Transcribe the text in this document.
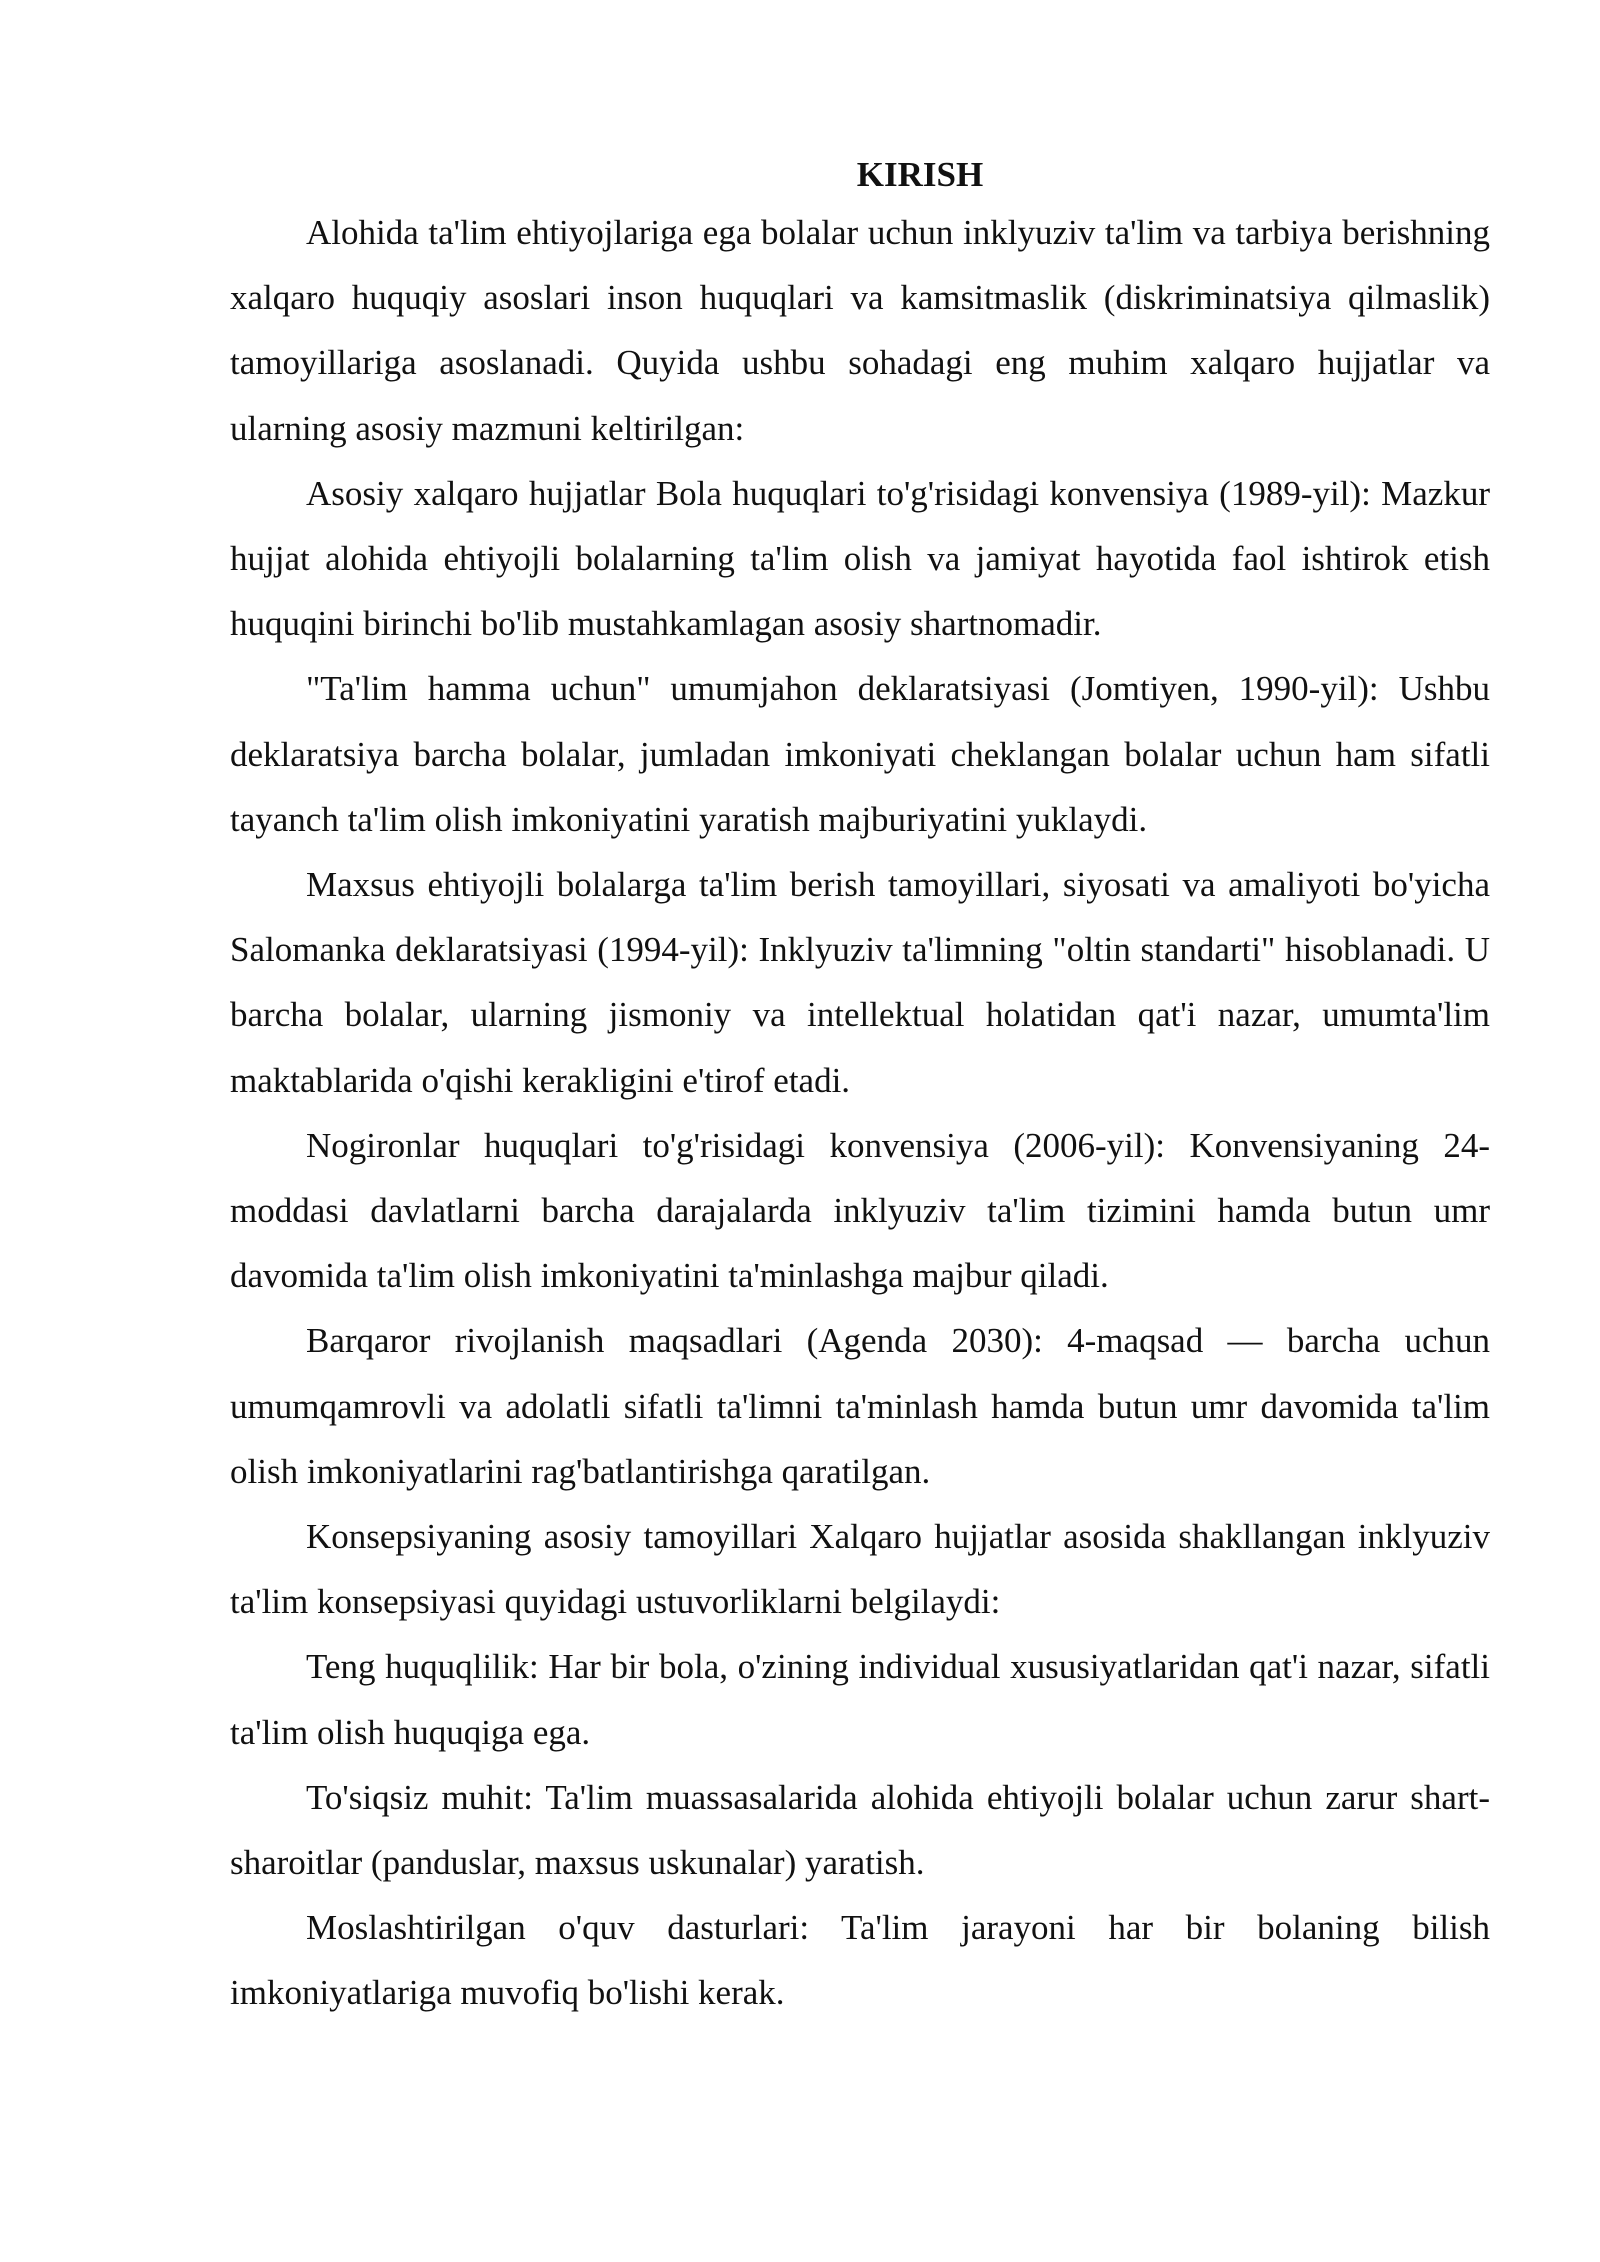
KIRISH

Alohida ta'lim ehtiyojlariga ega bolalar uchun inklyuziv ta'lim va tarbiya berishning xalqaro huquqiy asoslari inson huquqlari va kamsitmaslik (diskriminatsiya qilmaslik) tamoyillariga asoslanadi. Quyida ushbu sohadagi eng muhim xalqaro hujjatlar va ularning asosiy mazmuni keltirilgan:

Asosiy xalqaro hujjatlar Bola huquqlari to'g'risidagi konvensiya (1989-yil): Mazkur hujjat alohida ehtiyojli bolalarning ta'lim olish va jamiyat hayotida faol ishtirok etish huquqini birinchi bo'lib mustahkamlagan asosiy shartnomadir.

"Ta'lim hamma uchun" umumjahon deklaratsiyasi (Jomtiyen, 1990-yil): Ushbu deklaratsiya barcha bolalar, jumladan imkoniyati cheklangan bolalar uchun ham sifatli tayanch ta'lim olish imkoniyatini yaratish majburiyatini yuklaydi.

Maxsus ehtiyojli bolalarga ta'lim berish tamoyillari, siyosati va amaliyoti bo'yicha Salomanka deklaratsiyasi (1994-yil): Inklyuziv ta'limning "oltin standarti" hisoblanadi. U barcha bolalar, ularning jismoniy va intellektual holatidan qat'i nazar, umumta'lim maktablarida o'qishi kerakligini e'tirof etadi.

Nogironlar huquqlari to'g'risidagi konvensiya (2006-yil): Konvensiyaning 24-moddasi davlatlarni barcha darajalarda inklyuziv ta'lim tizimini hamda butun umr davomida ta'lim olish imkoniyatini ta'minlashga majbur qiladi.

Barqaror rivojlanish maqsadlari (Agenda 2030): 4-maqsad — barcha uchun umumqamrovli va adolatli sifatli ta'limni ta'minlash hamda butun umr davomida ta'lim olish imkoniyatlarini rag'batlantirishga qaratilgan.

Konsepsiyaning asosiy tamoyillari Xalqaro hujjatlar asosida shakllangan inklyuziv ta'lim konsepsiyasi quyidagi ustuvorliklarni belgilaydi:

Teng huquqlilik: Har bir bola, o'zining individual xususiyatlaridan qat'i nazar, sifatli ta'lim olish huquqiga ega.

To'siqsiz muhit: Ta'lim muassasalarida alohida ehtiyojli bolalar uchun zarur shart-sharoitlar (panduslar, maxsus uskunalar) yaratish.

Moslashtirilgan o'quv dasturlari: Ta'lim jarayoni har bir bolaning bilish imkoniyatlariga muvofiq bo'lishi kerak.
